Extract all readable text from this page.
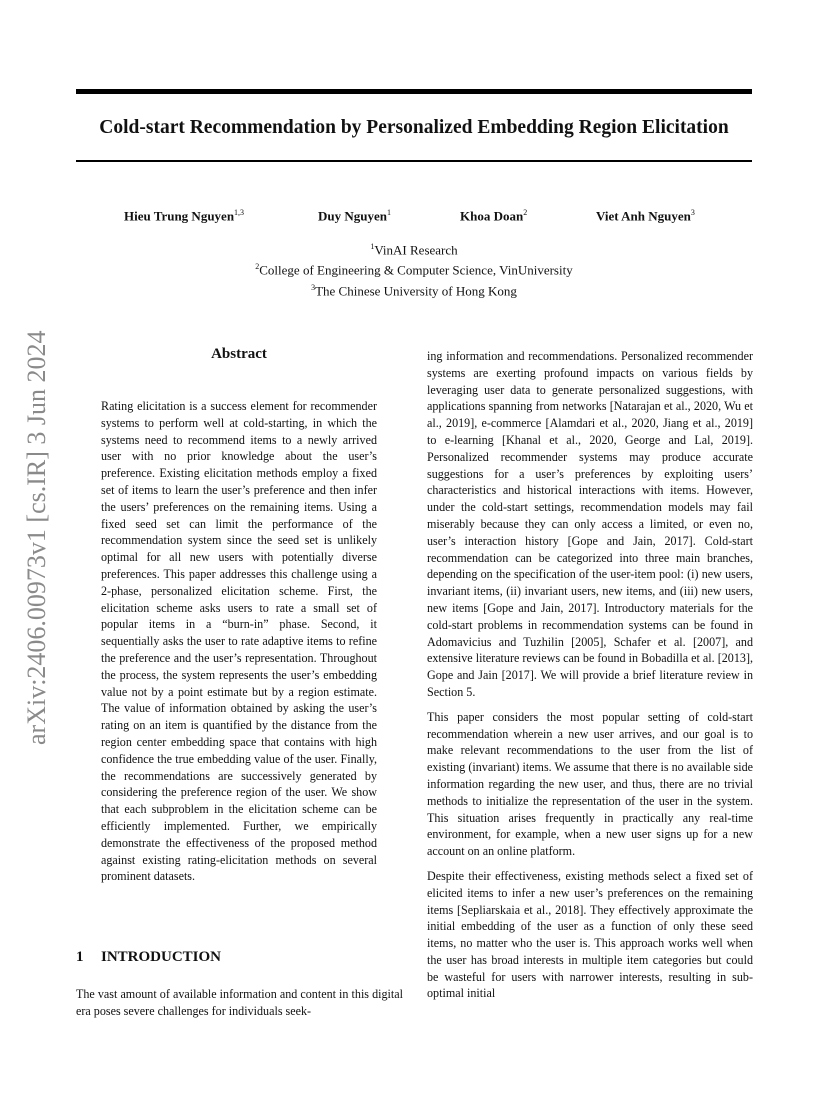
arXiv:2406.00973v1 [cs.IR] 3 Jun 2024
Cold-start Recommendation by Personalized Embedding Region Elicitation
Hieu Trung Nguyen$^{1,3}$	Duy Nguyen$^1$	Khoa Doan$^2$	Viet Anh Nguyen$^3$
$^1$VinAI Research
$^2$College of Engineering & Computer Science, VinUniversity
$^3$The Chinese University of Hong Kong
Abstract

Rating elicitation is a success element for recommender systems to perform well at cold-starting, in which the systems need to recommend items to a newly arrived user with no prior knowledge about the user’s preference. Existing elicitation methods employ a fixed set of items to learn the user’s preference and then infer the users’ preferences on the remaining items. Using a fixed seed set can limit the performance of the recommendation system since the seed set is unlikely optimal for all new users with potentially diverse preferences. This paper addresses this challenge using a 2-phase, personalized elicitation scheme. First, the elicitation scheme asks users to rate a small set of popular items in a “burn-in” phase. Second, it sequentially asks the user to rate adaptive items to refine the preference and the user’s representation. Throughout the process, the system represents the user’s embedding value not by a point estimate but by a region estimate. The value of information obtained by asking the user’s rating on an item is quantified by the distance from the region center embedding space that contains with high confidence the true embedding value of the user. Finally, the recommendations are successively generated by considering the preference region of the user. We show that each subproblem in the elicitation scheme can be efficiently implemented. Further, we empirically demonstrate the effectiveness of the proposed method against existing rating-elicitation methods on several prominent datasets.

1 INTRODUCTION

The vast amount of available information and content in this digital era poses severe challenges for individuals seek-

ing information and recommendations. Personalized recommender systems are exerting profound impacts on various fields by leveraging user data to generate personalized suggestions, with applications spanning from networks [Natarajan et al., 2020, Wu et al., 2019], e-commerce [Alamdari et al., 2020, Jiang et al., 2019] to e-learning [Khanal et al., 2020, George and Lal, 2019]. Personalized recommender systems may produce accurate suggestions for a user’s preferences by exploiting users’ characteristics and historical interactions with items. However, under the cold-start settings, recommendation models may fail miserably because they can only access a limited, or even no, user’s interaction history [Gope and Jain, 2017]. Cold-start recommendation can be categorized into three main branches, depending on the specification of the user-item pool: (i) new users, invariant items, (ii) invariant users, new items, and (iii) new users, new items [Gope and Jain, 2017]. Introductory materials for the cold-start problems in recommendation systems can be found in Adomavicius and Tuzhilin [2005], Schafer et al. [2007], and extensive literature reviews can be found in Bobadilla et al. [2013], Gope and Jain [2017]. We will provide a brief literature review in Section 5.

This paper considers the most popular setting of cold-start recommendation wherein a new user arrives, and our goal is to make relevant recommendations to the user from the list of existing (invariant) items. We assume that there is no available side information regarding the new user, and thus, there are no trivial methods to initialize the representation of the user in the system. This situation arises frequently in practically any real-time environment, for example, when a new user signs up for a new account on an online platform.

Despite their effectiveness, existing methods select a fixed set of elicited items to infer a new user’s preferences on the remaining items [Sepliarskaia et al., 2018]. They effectively approximate the initial embedding of the user as a function of only these seed items, no matter who the user is. This approach works well when the user has broad interests in multiple item categories but could be wasteful for users with narrower interests, resulting in sub-optimal initial
